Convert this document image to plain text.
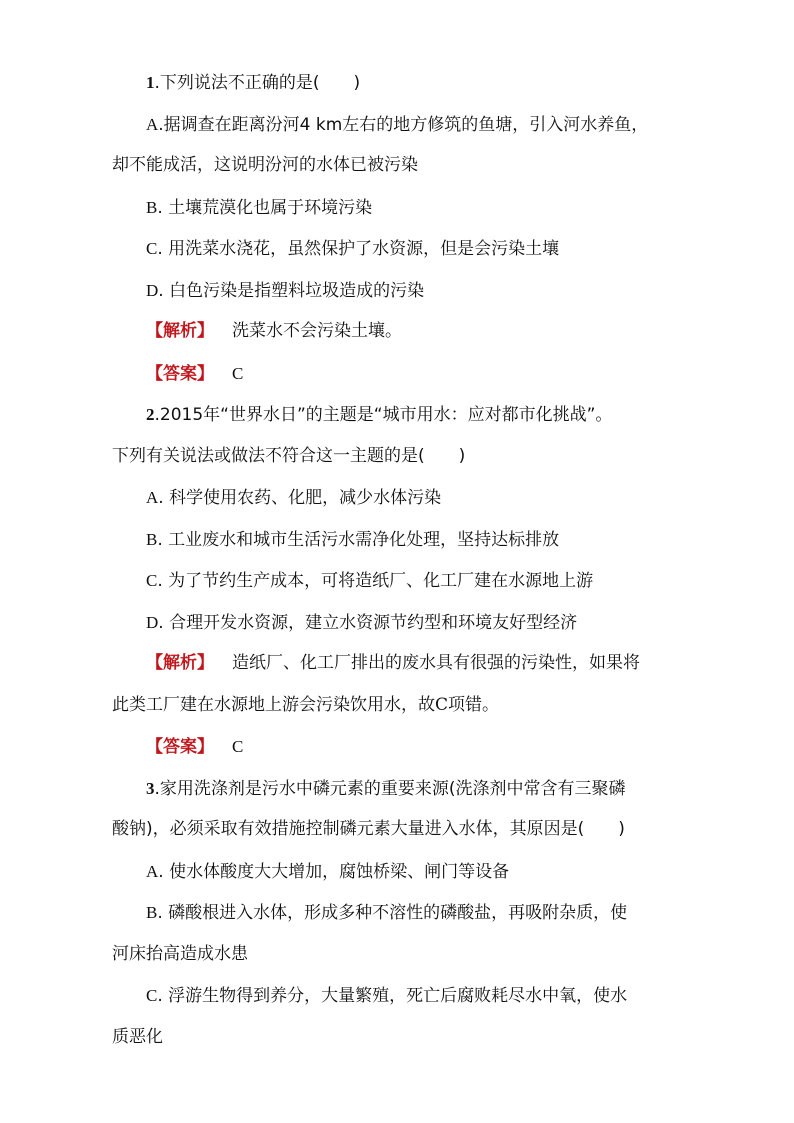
1.下列说法不正确的是(　　)
A.据调查在距离汾河4 km左右的地方修筑的鱼塘，引入河水养鱼，
却不能成活，这说明汾河的水体已被污染
B. 土壤荒漠化也属于环境污染
C. 用洗菜水浇花，虽然保护了水资源，但是会污染土壤
D. 白色污染是指塑料垃圾造成的污染
【解析】 洗菜水不会污染土壤。
【答案】 C
2.2015年“世界水日”的主题是“城市用水：应对都市化挑战”。
下列有关说法或做法不符合这一主题的是(　　)
A. 科学使用农药、化肥，减少水体污染
B. 工业废水和城市生活污水需净化处理，坚持达标排放
C. 为了节约生产成本，可将造纸厂、化工厂建在水源地上游
D. 合理开发水资源，建立水资源节约型和环境友好型经济
【解析】 造纸厂、化工厂排出的废水具有很强的污染性，如果将
此类工厂建在水源地上游会污染饮用水，故C项错。
【答案】 C
3.家用洗涤剂是污水中磷元素的重要来源(洗涤剂中常含有三聚磷
酸钠)，必须采取有效措施控制磷元素大量进入水体，其原因是(　　)
A. 使水体酸度大大增加，腐蚀桥梁、闸门等设备
B. 磷酸根进入水体，形成多种不溶性的磷酸盐，再吸附杂质，使
河床抬高造成水患
C. 浮游生物得到养分，大量繁殖，死亡后腐败耗尽水中氧，使水
质恶化
